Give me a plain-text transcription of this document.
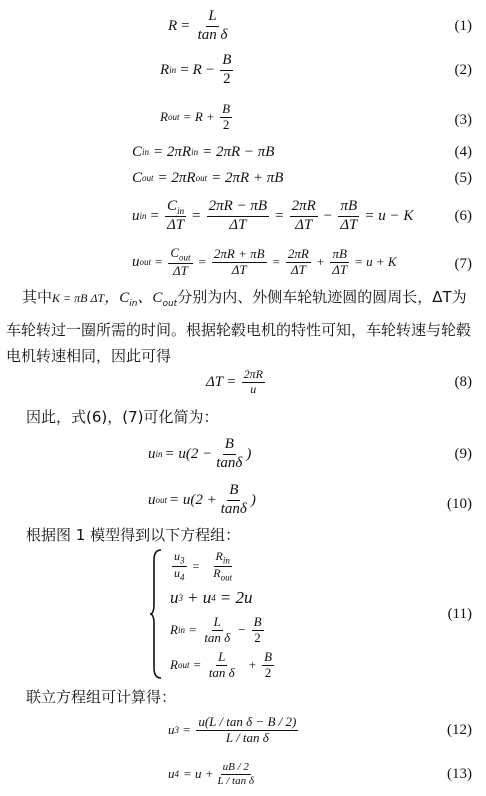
$R = \frac{L}{\text{tan δ}}$	(1)
R in = $R - \frac{B}{2}$	(2)
R out = $R + \frac{B}{2}$	(3)
C in = 2πR in = 2πR − πB	(4)
C out = 2πR out = 2πR + πB	(5)
u in = $\frac{C_{in}}{\Delta T} = \frac{2\pi R - \pi B}{\Delta T} = \frac{2\pi R}{\Delta T} - \frac{\pi B}{\Delta T} = u - K$	(6)
u out = $\frac{C_{out}}{\Delta T} = \frac{2\pi R + \pi B}{\Delta T} = \frac{2\pi R}{\Delta T} + \frac{\pi B}{\Delta T} = u + K$	(7)
其中K = πB ΔT，$C_{in}$、$C_{out}$分别为内、外侧车轮轨迹圆的圆周长，ΔT为车轮转过一圈所需的时间。根据轮毂电机的特性可知，车轮转速与轮毂电机转速相同，因此可得
$\Delta T = \frac{2\pi R}{u}$	(8)
因此，式(6)，(7)可化简为：
u in = $u(2 - \frac{B}{\tan\delta}$ )	(9)
u out = $u(2 + \frac{B}{\tan\delta}$ )	(10)
根据图 1 模型得到以下方程组：
$\frac{u_3}{u_4} = \frac{R_{in}}{R_{out}}$
u 3 + u 4 = 2u
R in = $\frac{L}{\text{tan δ}} - \frac{B}{2}$
R out = $\frac{L}{\text{tan δ}} + \frac{B}{2}$
(11)
联立方程组可计算得：
u $3 = \frac{\text{u(L / tan δ − B / 2)}}{\text{L / tan δ}}$	(12)
u $4 = u + \frac{uB / 2}{\text{L / tan δ}}$	(13)
